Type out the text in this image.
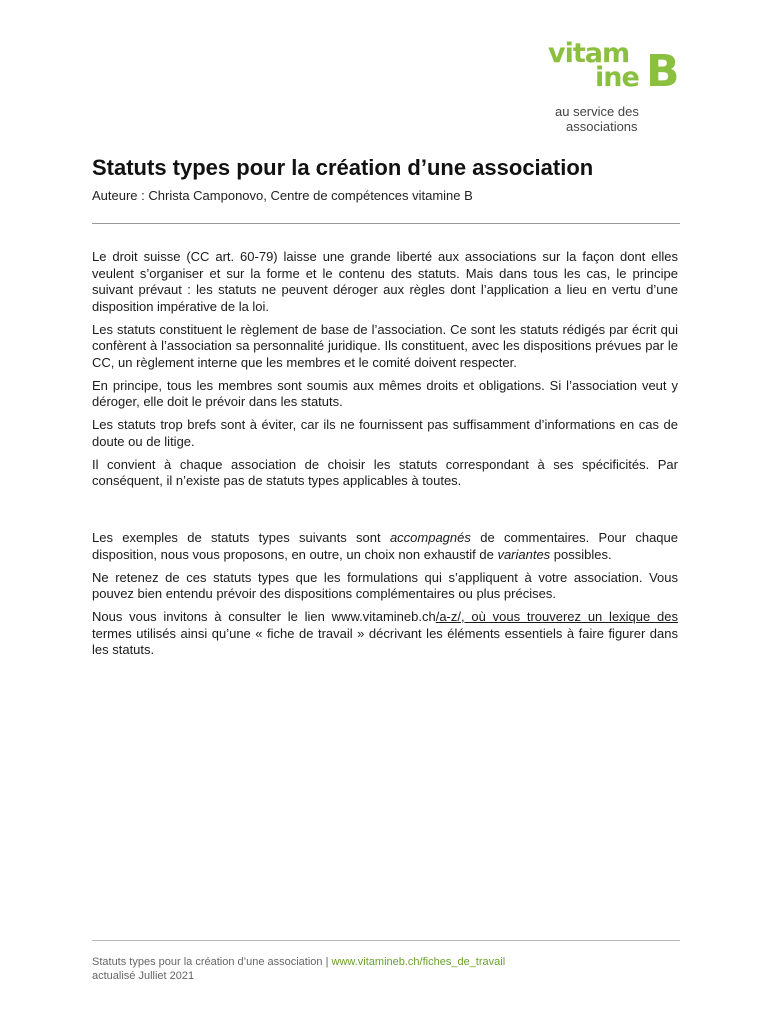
vitam
ine B
au service des
associations
Statuts types pour la création d’une association
Auteure : Christa Camponovo, Centre de compétences vitamine B

Le droit suisse (CC art. 60-79) laisse une grande liberté aux associations sur la façon dont elles veulent s’organiser et sur la forme et le contenu des statuts. Mais dans tous les cas, le principe suivant prévaut : les statuts ne peuvent déroger aux règles dont l’application a lieu en vertu d’une disposition impérative de la loi.

Les statuts constituent le règlement de base de l’association. Ce sont les statuts rédigés par écrit qui confèrent à l’association sa personnalité juridique. Ils constituent, avec les dispositions prévues par le CC, un règlement interne que les membres et le comité doivent respecter.

En principe, tous les membres sont soumis aux mêmes droits et obligations. Si l’association veut y déroger, elle doit le prévoir dans les statuts.

Les statuts trop brefs sont à éviter, car ils ne fournissent pas suffisamment d’informations en cas de doute ou de litige.

Il convient à chaque association de choisir les statuts correspondant à ses spécificités. Par conséquent, il n’existe pas de statuts types applicables à toutes.

Les exemples de statuts types suivants sont accompagnés de commentaires. Pour chaque disposition, nous vous proposons, en outre, un choix non exhaustif de variantes possibles.

Ne retenez de ces statuts types que les formulations qui s’appliquent à votre association. Vous pouvez bien entendu prévoir des dispositions complémentaires ou plus précises.

Nous vous invitons à consulter le lien www.vitamineb.ch/a-z/, où vous trouverez un lexique des termes utilisés ainsi qu’une « fiche de travail » décrivant les éléments essentiels à faire figurer dans les statuts.

Statuts types pour la création d’une association | www.vitamineb.ch/fiches_de_travail
actualisé Julliet 2021
